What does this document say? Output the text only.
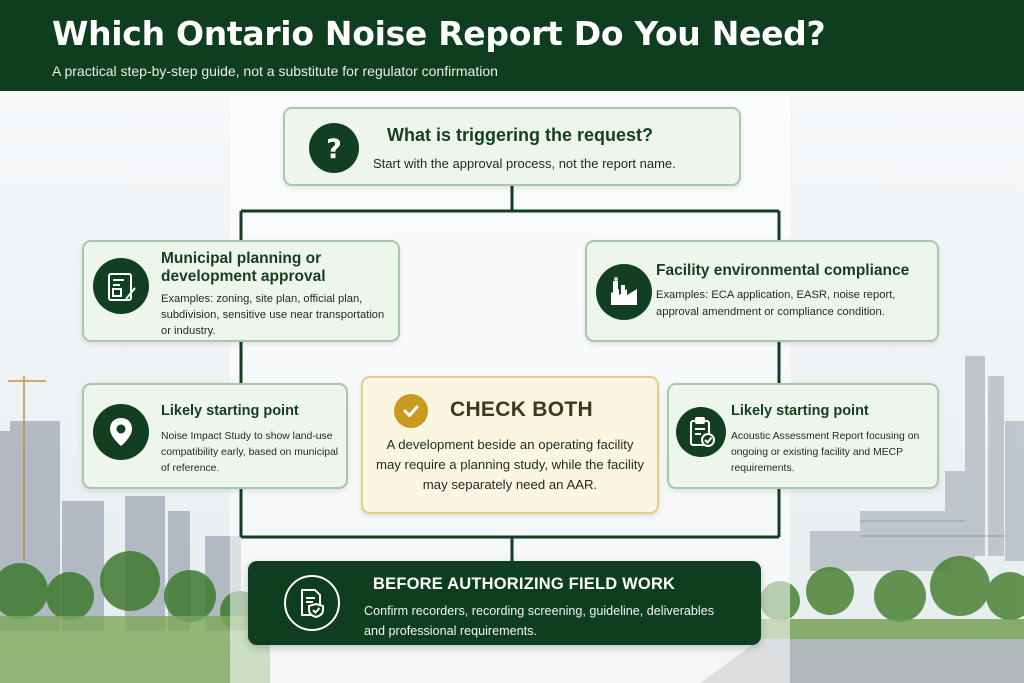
Which Ontario Noise Report Do You Need?
A practical step-by-step guide, not a substitute for regulator confirmation
?	What is triggering the request?
Start with the approval process, not the report name.
Municipal planning or development approval
Examples: zoning, site plan, official plan, subdivision, sensitive use near transportation or industry.
Facility environmental compliance
Examples: ECA application, EASR, noise report, approval amendment or compliance condition.
Likely starting point
Noise Impact Study to show land-use compatibility early, based on municipal of reference.
CHECK BOTH
A development beside an operating facility may require a planning study, while the facility may separately need an AAR.
Likely starting point
Acoustic Assessment Report focusing on ongoing or existing facility and MECP requirements.
BEFORE AUTHORIZING FIELD WORK
Confirm recorders, recording screening, guideline, deliverables and professional requirements.
